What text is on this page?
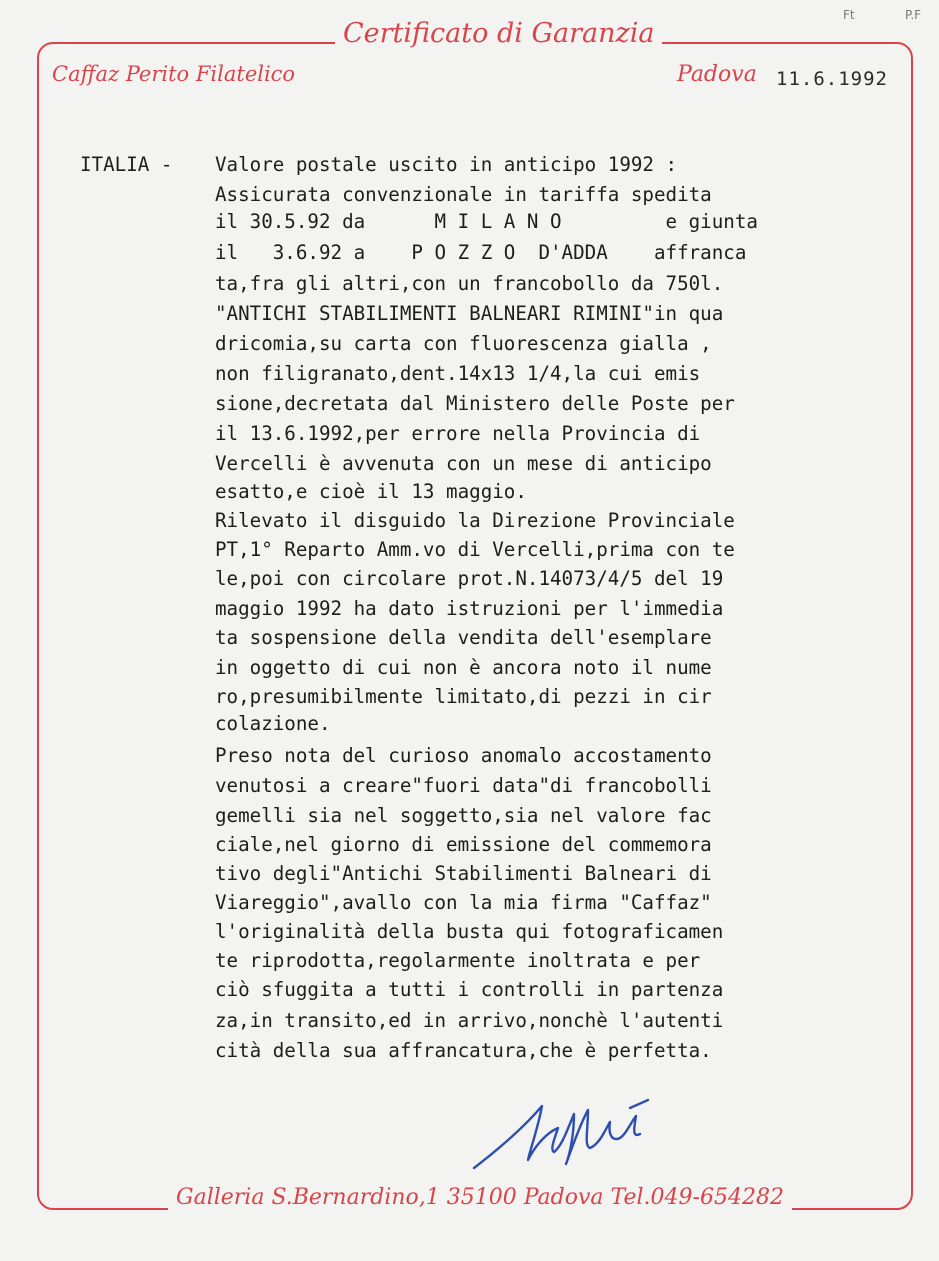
Certificato di Garanzia
Caffaz Perito Filatelico	Padova 11.6.1992
Ft	P.F
ITALIA - Valore postale uscito in anticipo 1992 :
Assicurata convenzionale in tariffa spedita
il 30.5.92 da      M I L A N O         e giunta
il   3.6.92 a    P O Z Z O  D'ADDA    affranca
ta,fra gli altri,con un francobollo da 750l.
"ANTICHI STABILIMENTI BALNEARI RIMINI"in qua
dricomia,su carta con fluorescenza gialla ,
non filigranato,dent.14x13 1/4,la cui emis
sione,decretata dal Ministero delle Poste per
il 13.6.1992,per errore nella Provincia di
Vercelli è avvenuta con un mese di anticipo
esatto,e cioè il 13 maggio.
Rilevato il disguido la Direzione Provinciale
PT,1° Reparto Amm.vo di Vercelli,prima con te
le,poi con circolare prot.N.14073/4/5 del 19
maggio 1992 ha dato istruzioni per l'immedia
ta sospensione della vendita dell'esemplare
in oggetto di cui non è ancora noto il nume
ro,presumibilmente limitato,di pezzi in cir
colazione.
Preso nota del curioso anomalo accostamento
venutosi a creare"fuori data"di francobolli
gemelli sia nel soggetto,sia nel valore fac
ciale,nel giorno di emissione del commemora
tivo degli"Antichi Stabilimenti Balneari di
Viareggio",avallo con la mia firma "Caffaz"
l'originalità della busta qui fotograficamen
te riprodotta,regolarmente inoltrata e per
ciò sfuggita a tutti i controlli in partenza
za,in transito,ed in arrivo,nonchè l'autenti
cità della sua affrancatura,che è perfetta.
Galleria S.Bernardino,1 35100 Padova Tel.049-654282
